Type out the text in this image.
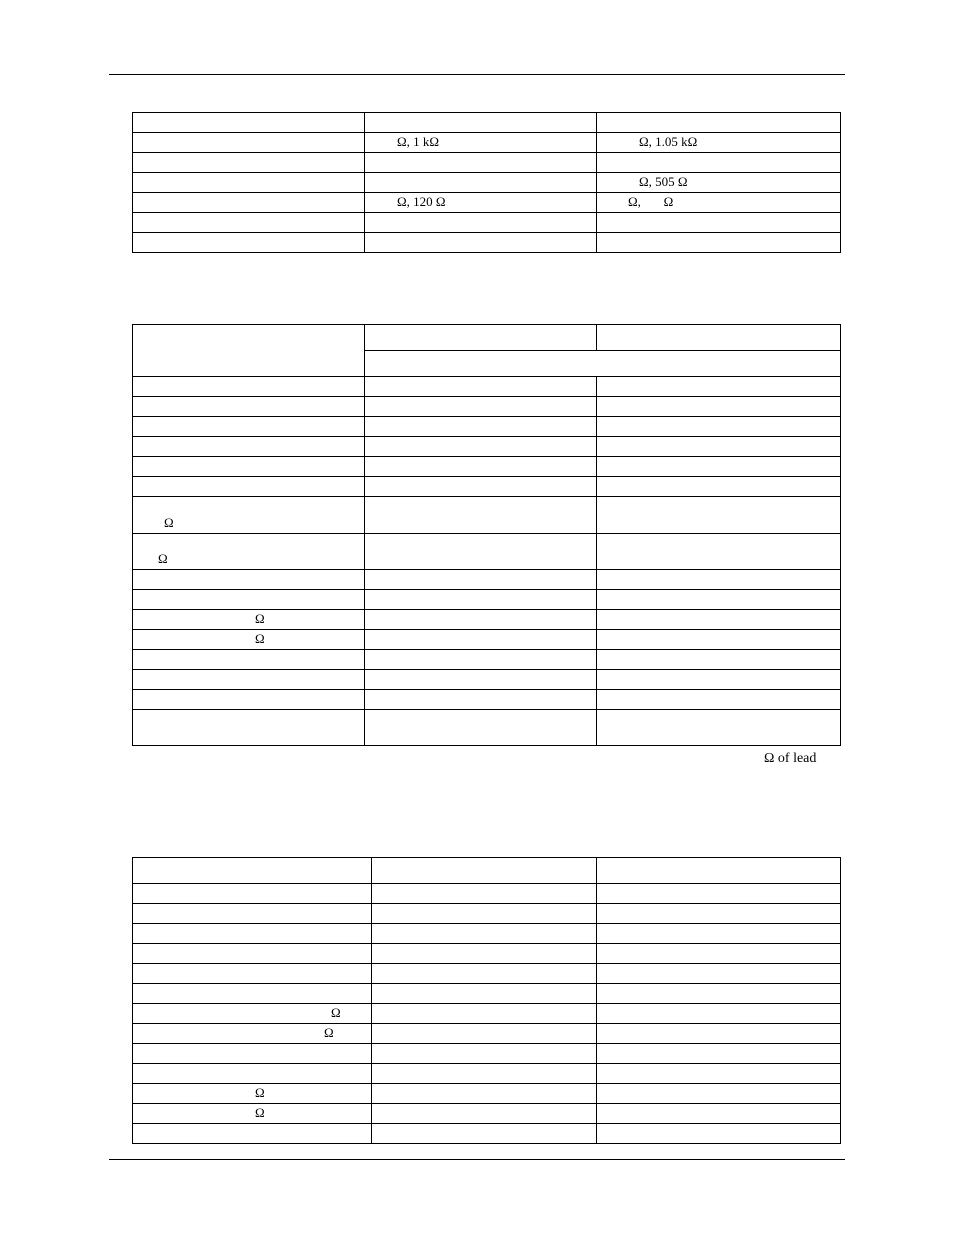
	Ω, 1 kΩ	Ω, 1.05 kΩ

		Ω, 505 Ω
	Ω, 120 Ω	Ω,       Ω

Ω		
Ω		

Ω		
Ω		

Ω of lead

Ω		
Ω		

Ω		
Ω		
